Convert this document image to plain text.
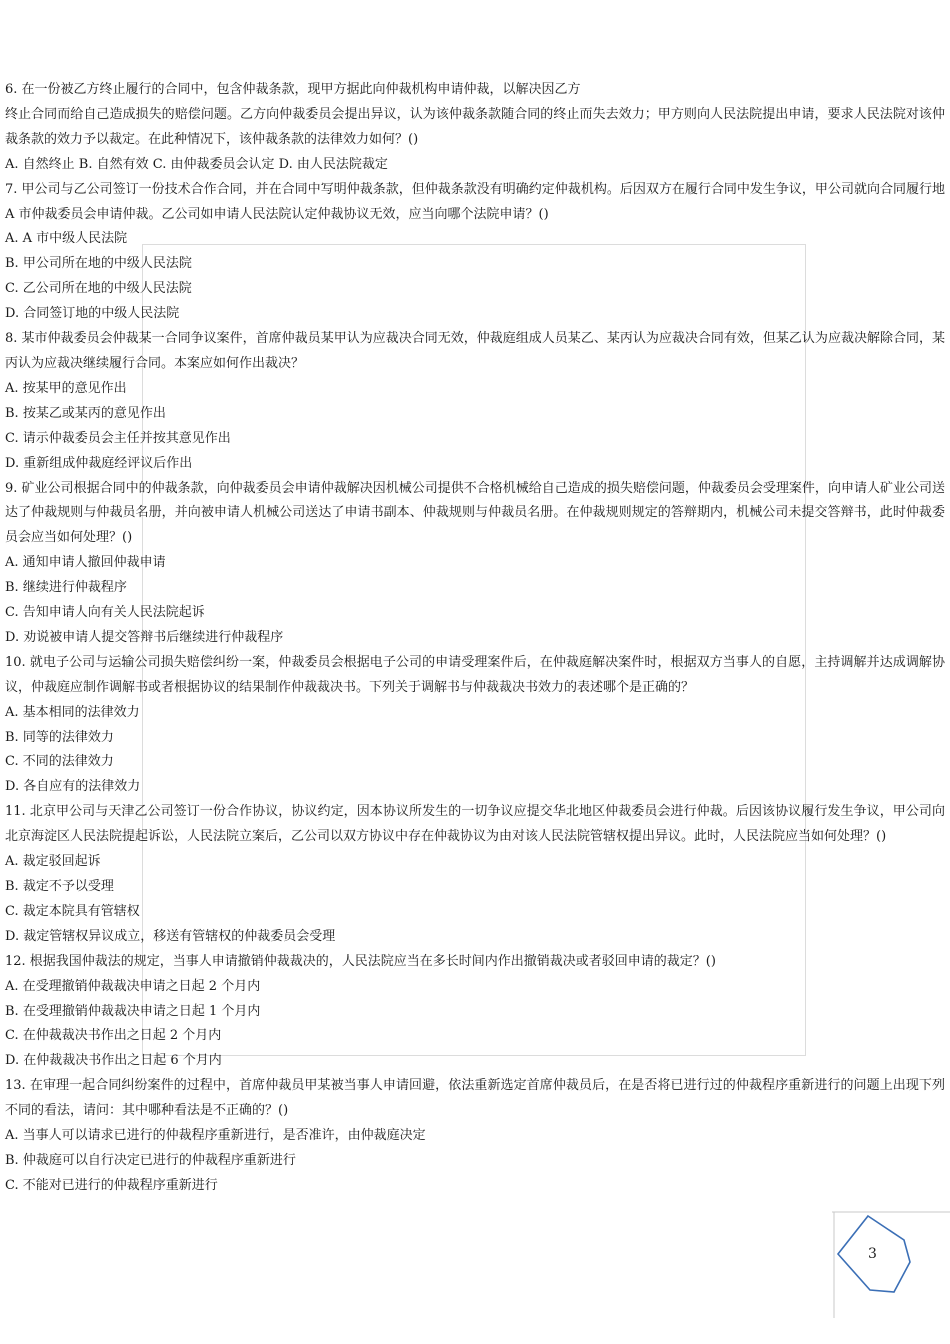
6. 在一份被乙方终止履行的合同中，包含仲裁条款，现甲方据此向仲裁机构申请仲裁，以解决因乙方
终止合同而给自己造成损失的赔偿问题。乙方向仲裁委员会提出异议，认为该仲裁条款随合同的终止而失去效力；甲方则向人民法院提出申请，要求人民法院对该仲裁条款的效力予以裁定。在此种情况下，该仲裁条款的法律效力如何？()
A. 自然终止 B. 自然有效 C. 由仲裁委员会认定 D. 由人民法院裁定
7. 甲公司与乙公司签订一份技术合作合同，并在合同中写明仲裁条款，但仲裁条款没有明确约定仲裁机构。后因双方在履行合同中发生争议，甲公司就向合同履行地 A 市仲裁委员会申请仲裁。乙公司如申请人民法院认定仲裁协议无效，应当向哪个法院申请？()
A. A 市中级人民法院
B. 甲公司所在地的中级人民法院
C. 乙公司所在地的中级人民法院
D. 合同签订地的中级人民法院
8. 某市仲裁委员会仲裁某一合同争议案件，首席仲裁员某甲认为应裁决合同无效，仲裁庭组成人员某乙、某丙认为应裁决合同有效，但某乙认为应裁决解除合同，某丙认为应裁决继续履行合同。本案应如何作出裁决？
A. 按某甲的意见作出
B. 按某乙或某丙的意见作出
C. 请示仲裁委员会主任并按其意见作出
D. 重新组成仲裁庭经评议后作出
9. 矿业公司根据合同中的仲裁条款，向仲裁委员会申请仲裁解决因机械公司提供不合格机械给自己造成的损失赔偿问题，仲裁委员会受理案件，向申请人矿业公司送达了仲裁规则与仲裁员名册，并向被申请人机械公司送达了申请书副本、仲裁规则与仲裁员名册。在仲裁规则规定的答辩期内，机械公司未提交答辩书，此时仲裁委员会应当如何处理？()
A. 通知申请人撤回仲裁申请
B. 继续进行仲裁程序
C. 告知申请人向有关人民法院起诉
D. 劝说被申请人提交答辩书后继续进行仲裁程序
10. 就电子公司与运输公司损失赔偿纠纷一案，仲裁委员会根据电子公司的申请受理案件后，在仲裁庭解决案件时，根据双方当事人的自愿，主持调解并达成调解协议，仲裁庭应制作调解书或者根据协议的结果制作仲裁裁决书。下列关于调解书与仲裁裁决书效力的表述哪个是正确的？
A. 基本相同的法律效力
B. 同等的法律效力
C. 不同的法律效力
D. 各自应有的法律效力
11. 北京甲公司与天津乙公司签订一份合作协议，协议约定，因本协议所发生的一切争议应提交华北地区仲裁委员会进行仲裁。后因该协议履行发生争议，甲公司向北京海淀区人民法院提起诉讼，人民法院立案后，乙公司以双方协议中存在仲裁协议为由对该人民法院管辖权提出异议。此时，人民法院应当如何处理？()
A. 裁定驳回起诉
B. 裁定不予以受理
C. 裁定本院具有管辖权
D. 裁定管辖权异议成立，移送有管辖权的仲裁委员会受理
12. 根据我国仲裁法的规定，当事人申请撤销仲裁裁决的，人民法院应当在多长时间内作出撤销裁决或者驳回申请的裁定？()
A. 在受理撤销仲裁裁决申请之日起 2 个月内
B. 在受理撤销仲裁裁决申请之日起 1 个月内
C. 在仲裁裁决书作出之日起 2 个月内
D. 在仲裁裁决书作出之日起 6 个月内
13. 在审理一起合同纠纷案件的过程中，首席仲裁员甲某被当事人申请回避，依法重新选定首席仲裁员后，在是否将已进行过的仲裁程序重新进行的问题上出现下列不同的看法，请问：其中哪种看法是不正确的？()
A. 当事人可以请求已进行的仲裁程序重新进行，是否准许，由仲裁庭决定
B. 仲裁庭可以自行决定已进行的仲裁程序重新进行
C. 不能对已进行的仲裁程序重新进行
3
